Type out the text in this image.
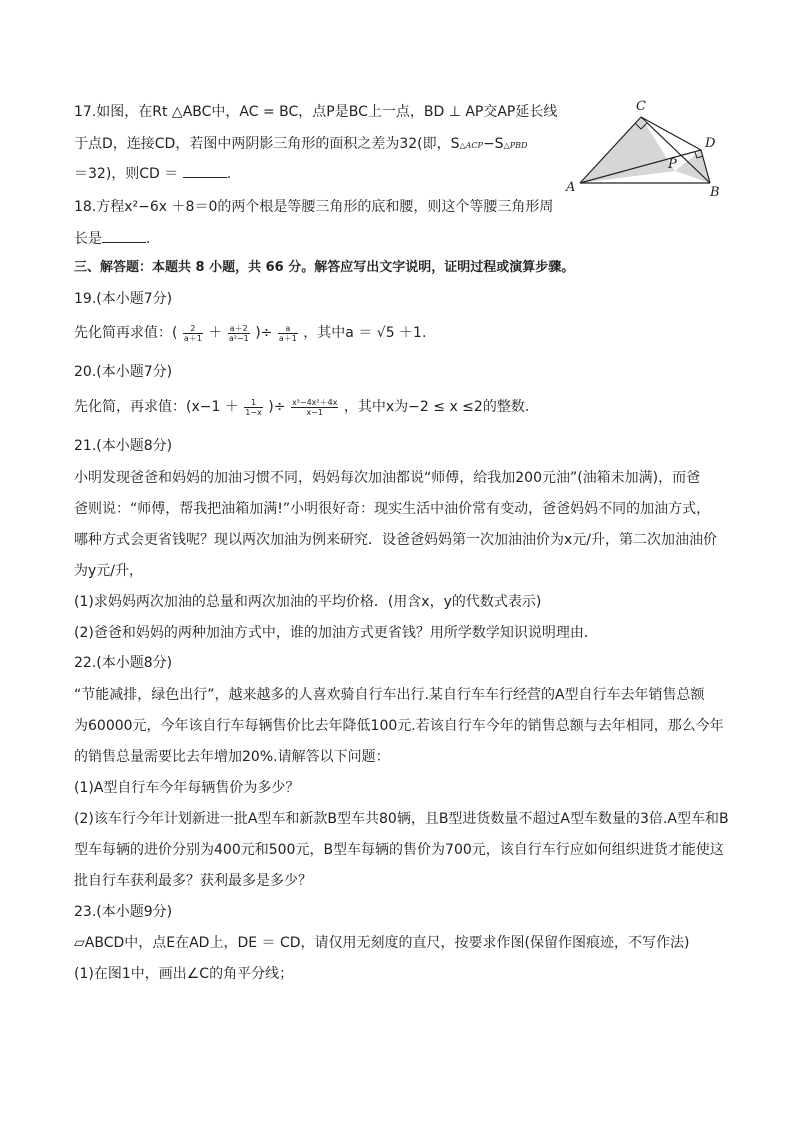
17.如图，在Rt △ABC中，AC = BC，点P是BC上一点，BD ⊥ AP交AP延长线
于点D，连接CD，若图中两阴影三角形的面积之差为32(即，S△ACP−S△PBD
＝32)，则CD ＝	.
C
D
P
A	B
18.方程x²−6x ＋8＝0的两个根是等腰三角形的底和腰，则这个等腰三角形周
长是	.
三、解答题：本题共 8 小题，共 66 分。解答应写出文字说明，证明过程或演算步骤。
19.(本小题7分)
先化简再求值：( $\frac{2}{a+1} + \frac{a+2}{\text{a²−1}}$ )÷ $\frac{a}{a+1}$ ，其中a ＝ √5 ＋1.
20.(本小题7分)
先化简，再求值：($x-1 + \frac{1}{1-x}$ )÷ $\frac{\text{x³−4x²＋4x}}{x-1}$ ，其中x为−2 ≤ x ≤2的整数.
21.(本小题8分)
小明发现爸爸和妈妈的加油习惯不同，妈妈每次加油都说“师傅，给我加200元油”(油箱未加满)，而爸
爸则说：“师傅，帮我把油箱加满!”小明很好奇：现实生活中油价常有变动，爸爸妈妈不同的加油方式，
哪种方式会更省钱呢？现以两次加油为例来研究．设爸爸妈妈第一次加油油价为x元/升，第二次加油油价
为y元/升，
(1)求妈妈两次加油的总量和两次加油的平均价格．(用含x，y的代数式表示)
(2)爸爸和妈妈的两种加油方式中，谁的加油方式更省钱？用所学数学知识说明理由．
22.(本小题8分)
“节能减排，绿色出行”，越来越多的人喜欢骑自行车出行.某自行车车行经营的A型自行车去年销售总额
为60000元，今年该自行车每辆售价比去年降低100元.若该自行车今年的销售总额与去年相同，那么今年
的销售总量需要比去年增加20%.请解答以下问题：
(1)A型自行车今年每辆售价为多少？
(2)该车行今年计划新进一批A型车和新款B型车共80辆，且B型进货数量不超过A型车数量的3倍.A型车和B
型车每辆的进价分别为400元和500元，B型车每辆的售价为700元，该自行车行应如何组织进货才能使这
批自行车获利最多？获利最多是多少？
23.(本小题9分)
▱ABCD中，点E在AD上，DE ＝ CD，请仅用无刻度的直尺，按要求作图(保留作图痕迹，不写作法)
(1)在图1中，画出∠C的角平分线；
